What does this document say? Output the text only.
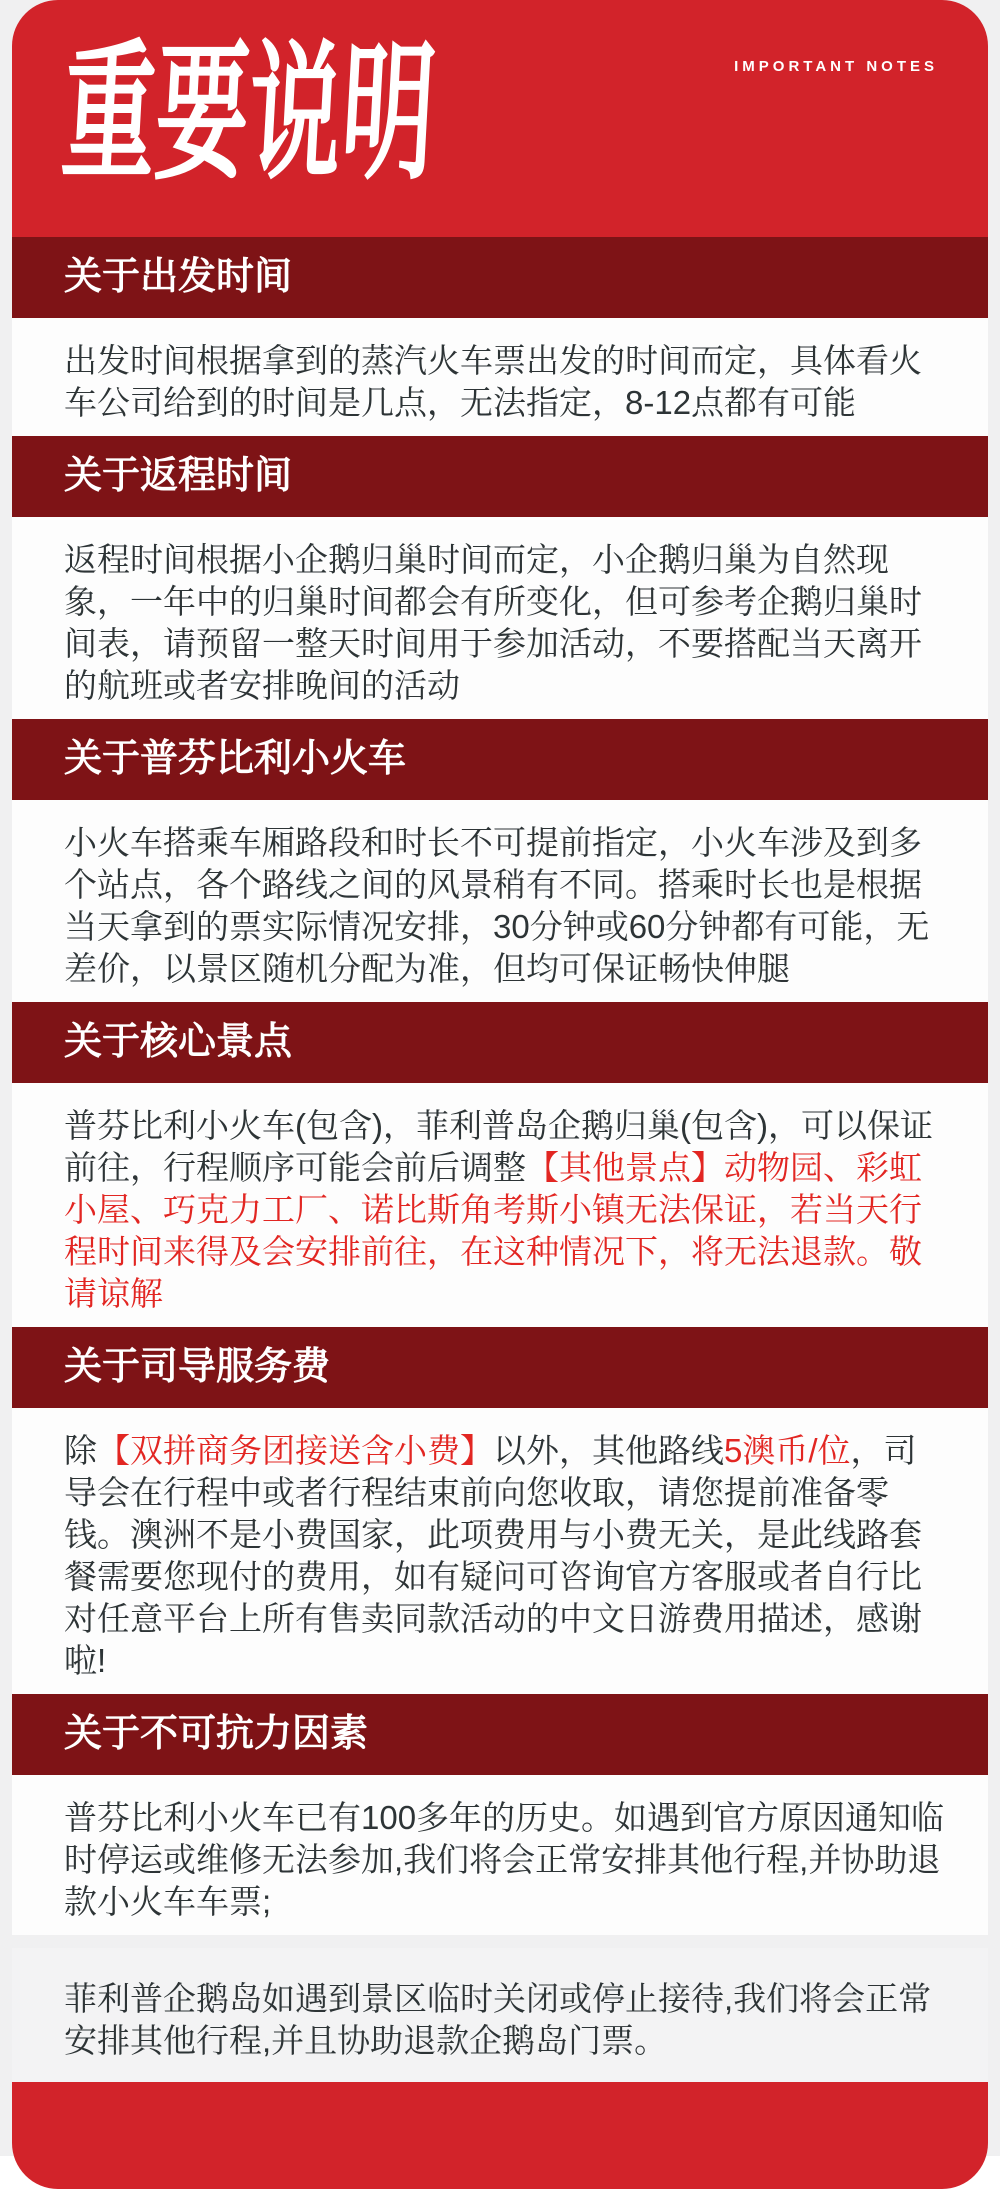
重要说明	IMPORTANT NOTES
关于出发时间
出发时间根据拿到的蒸汽火车票出发的时间而定，具体看火车公司给到的时间是几点，无法指定，8-12点都有可能
关于返程时间
返程时间根据小企鹅归巢时间而定，小企鹅归巢为自然现象，一年中的归巢时间都会有所变化，但可参考企鹅归巢时间表，请预留一整天时间用于参加活动，不要搭配当天离开的航班或者安排晚间的活动
关于普芬比利小火车
小火车搭乘车厢路段和时长不可提前指定，小火车涉及到多个站点，各个路线之间的风景稍有不同。搭乘时长也是根据当天拿到的票实际情况安排，30分钟或60分钟都有可能，无差价，以景区随机分配为准，但均可保证畅快伸腿
关于核心景点
普芬比利小火车(包含)，菲利普岛企鹅归巢(包含)，可以保证前往，行程顺序可能会前后调整【其他景点】动物园、彩虹小屋、巧克力工厂、诺比斯角考斯小镇无法保证，若当天行程时间来得及会安排前往，在这种情况下，将无法退款。敬请谅解
关于司导服务费
除【双拼商务团接送含小费】以外，其他路线5澳币/位，司导会在行程中或者行程结束前向您收取，请您提前准备零钱。澳洲不是小费国家，此项费用与小费无关，是此线路套餐需要您现付的费用，如有疑问可咨询官方客服或者自行比对任意平台上所有售卖同款活动的中文日游费用描述，感谢啦!
关于不可抗力因素
普芬比利小火车已有100多年的历史。如遇到官方原因通知临时停运或维修无法参加,我们将会正常安排其他行程,并协助退款小火车车票;
菲利普企鹅岛如遇到景区临时关闭或停止接待,我们将会正常安排其他行程,并且协助退款企鹅岛门票。
